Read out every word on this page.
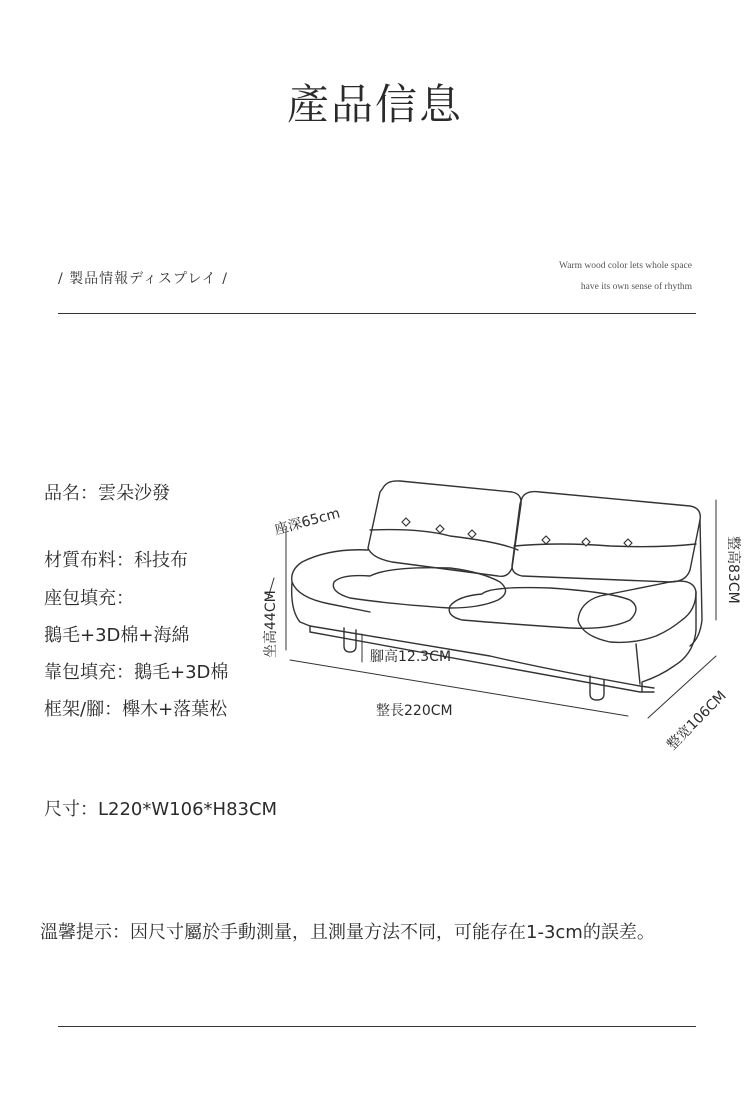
產品信息
/ 製品情報ディスプレイ /
Warm wood color lets whole space
have its own sense of rhythm
品名：雲朵沙發
材質布料：科技布
座包填充：
鵝毛+3D棉+海綿
靠包填充：鵝毛+3D棉
框架/腳：櫸木+落葉松
尺寸：L220*W106*H83CM
座深65cm
坐高44CM	腳高12.3CM
整長220CM	整宽106CM
整高83CM
溫馨提示：因尺寸屬於手動測量，且測量方法不同，可能存在1-3cm的誤差。
